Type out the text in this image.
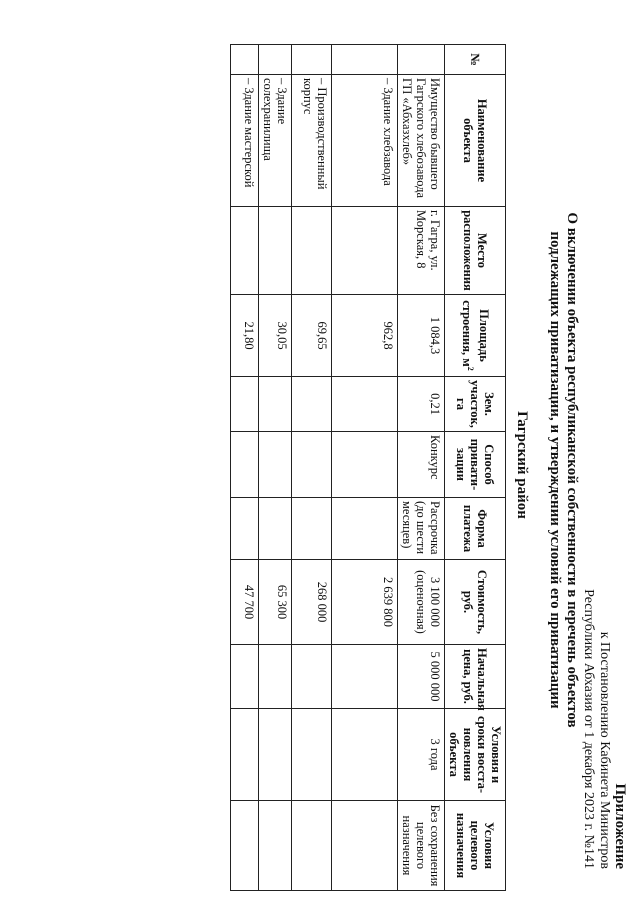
Приложение
к Постановлению Кабинета Министров
Республики Абхазия от 1 декабря 2023 г. №141
О включении объекта республиканской собственности в перечень объектов
подлежащих приватизации, и утверждении условий его приватизации
Гагрский район
№	Наименование объекта	Место расположения	Площадь строения, $м^2$	Зем. участок, га	Способ привати-зации	Форма платежа	Стоимость, руб.	Начальная цена, руб.	Условия и сроки восста-новления объекта	Условия целевого назначения
	Имущество бывшего Гагрского хлебозавода ГП «Абхазхлеб»	г. Гагра, ул. Морская, 8	1 084,3	0,21	Конкурс	Рассрочка (до шести месяцев)	3 100 000 (оценочная)	5 000 000	3 года	Без сохранения целевого назначения
	– Здание хлебзавода		962,8				2 639 800			
	– Производственный корпус		69,65				268 000			
	– Здание солехранилища		30,05				65 300			
	– Здание мастерской		21,80				47 700			
